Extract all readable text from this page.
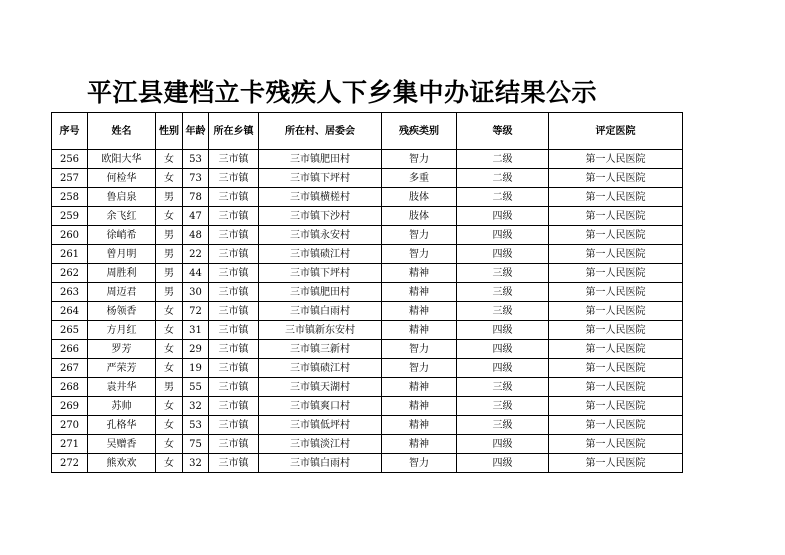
平江县建档立卡残疾人下乡集中办证结果公示
序号	姓名	性别	年龄	所在乡镇	所在村、居委会	残疾类别	等级	评定医院
256	欧阳大华	女	53	三市镇	三市镇肥田村	智力	二级	第一人民医院
257	何检华	女	73	三市镇	三市镇下坪村	多重	二级	第一人民医院
258	鲁启泉	男	78	三市镇	三市镇横槎村	肢体	二级	第一人民医院
259	余飞红	女	47	三市镇	三市镇下沙村	肢体	四级	第一人民医院
260	徐峭希	男	48	三市镇	三市镇永安村	智力	四级	第一人民医院
261	曾月明	男	22	三市镇	三市镇碛江村	智力	四级	第一人民医院
262	周胜利	男	44	三市镇	三市镇下坪村	精神	三级	第一人民医院
263	周迈君	男	30	三市镇	三市镇肥田村	精神	三级	第一人民医院
264	杨领香	女	72	三市镇	三市镇白雨村	精神	三级	第一人民医院
265	方月红	女	31	三市镇	三市镇新东安村	精神	四级	第一人民医院
266	罗芳	女	29	三市镇	三市镇三新村	智力	四级	第一人民医院
267	严荣芳	女	19	三市镇	三市镇碛江村	智力	四级	第一人民医院
268	袁井华	男	55	三市镇	三市镇天湖村	精神	三级	第一人民医院
269	苏帅	女	32	三市镇	三市镇爽口村	精神	三级	第一人民医院
270	孔格华	女	53	三市镇	三市镇低坪村	精神	三级	第一人民医院
271	吴赠香	女	75	三市镇	三市镇淡江村	精神	四级	第一人民医院
272	熊欢欢	女	32	三市镇	三市镇白雨村	智力	四级	第一人民医院
